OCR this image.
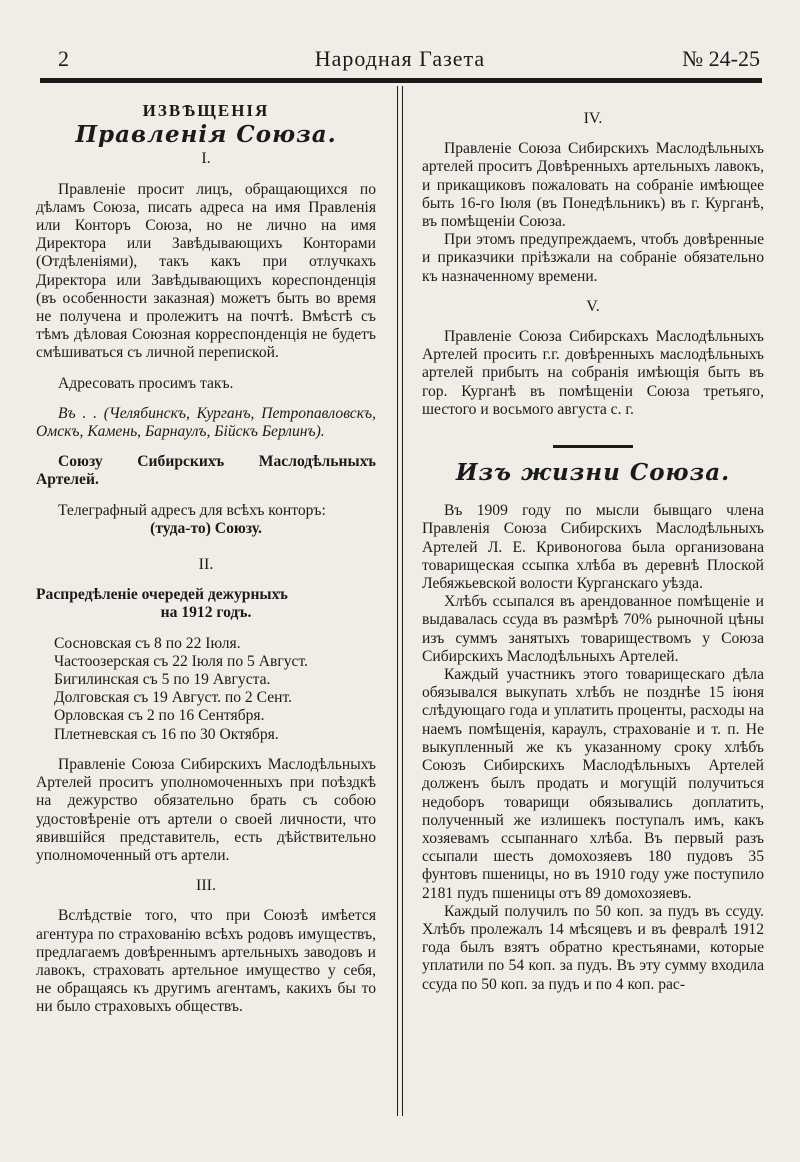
2	Народная Газета	№ 24-25

ИЗВѢЩЕНІЯ

Правленія Союза.

I.

Правленіе просит лицъ, обращающихся по дѣламъ Союза, писать адреса на имя Правленія или Конторъ Союза, но не лично на имя Директора или Завѣдывающихъ Конторами (Отдѣленіями), такъ какъ при отлучкахъ Директора или Завѣдывающихъ кореспонденція (въ особенности заказная) можетъ быть во время не получена и пролежитъ на почтѣ. Вмѣстѣ съ тѣмъ дѣловая Союзная корреспонденція не будетъ смѣшиваться съ личной перепиской.

Адресовать просимъ такъ.

Въ . . (Челябинскъ, Курганъ, Петропавловскъ, Омскъ, Камень, Барнаулъ, Бійскъ Берлинъ).

Союзу Сибирскихъ Маслодѣльныхъ Артелей.

Телеграфный адресъ для всѣхъ конторъ:

(туда-то) Союзу.

II.

Распредѣленіе очередей дежурныхъ

на 1912 годъ.

Сосновская съ 8 по 22 Іюля.

Частоозерская съ 22 Іюля по 5 Август.

Бигилинская съ 5 по 19 Августа.

Долговская съ 19 Август. по 2 Сент.

Орловская съ 2 по 16 Сентября.

Плетневская съ 16 по 30 Октября.

Правленіе Союза Сибирскихъ Маслодѣльныхъ Артелей проситъ уполномоченныхъ при поѣздкѣ на дежурство обязательно брать съ собою удостовѣреніе отъ артели о своей личности, что явившійся представитель, есть дѣйствительно уполномоченный отъ артели.

III.

Вслѣдствіе того, что при Союзѣ имѣется агентура по страхованію всѣхъ родовъ имуществъ, предлагаемъ довѣреннымъ артельныхъ заводовъ и лавокъ, страховать артельное имущество у себя, не обращаясь къ другимъ агентамъ, какихъ бы то ни было страховыхъ обществъ.

IV.

Правленіе Союза Сибирскихъ Маслодѣльныхъ артелей проситъ Довѣренныхъ артельныхъ лавокъ, и прикащиковъ пожаловать на собраніе имѣющее быть 16-го Іюля (въ Понедѣльникъ) въ г. Курганѣ, въ помѣщеніи Союза.

При этомъ предупреждаемъ, чтобъ довѣренные и приказчики пріѣзжали на собраніе обязательно къ назначенному времени.

V.

Правленіе Союза Сибирскахъ Маслодѣльныхъ Артелей просить г.г. довѣренныхъ маслодѣльныхъ артелей прибыть на собранія имѣющія быть въ гор. Курганѣ въ помѣщеніи Союза третьяго, шестого и восьмого августа с. г.

Изъ жизни Союза.

Въ 1909 году по мысли бывщаго члена Правленія Союза Сибирскихъ Маслодѣльныхъ Артелей Л. Е. Кривоногова была организована товарищеская ссыпка хлѣба въ деревнѣ Плоской Лебяжьевской волости Курганскаго уѣзда.

Хлѣбъ ссыпался въ арендованное помѣщеніе и выдавалась ссуда въ размѣрѣ 70% рыночной цѣны изъ суммъ занятыхъ товариществомъ у Союза Сибирскихъ Маслодѣльныхъ Артелей.

Каждый участникъ этого товарищескаго дѣла обязывался выкупать хлѣбъ не позднѣе 15 іюня слѣдующаго года и уплатить проценты, расходы на наемъ помѣщенія, караулъ, страхованіе и т. п. Не выкупленный же къ указанному сроку хлѣбъ Союзъ Сибирскихъ Маслодѣльныхъ Артелей долженъ былъ продать и могущій получиться недоборъ товарищи обязывались доплатить, полученный же излишекъ поступалъ имъ, какъ хозяевамъ ссыпаннаго хлѣба. Въ первый разъ ссыпали шесть домохозяевъ 180 пудовъ 35 фунтовъ пшеницы, но въ 1910 году уже поступило 2181 пудъ пшеницы отъ 89 домохозяевъ.

Каждый получилъ по 50 коп. за пудъ въ ссуду. Хлѣбъ пролежалъ 14 мѣсяцевъ и въ февралѣ 1912 года былъ взятъ обратно крестьянами, которые уплатили по 54 коп. за пудъ. Въ эту сумму входила ссуда по 50 коп. за пудъ и по 4 коп. рас-
